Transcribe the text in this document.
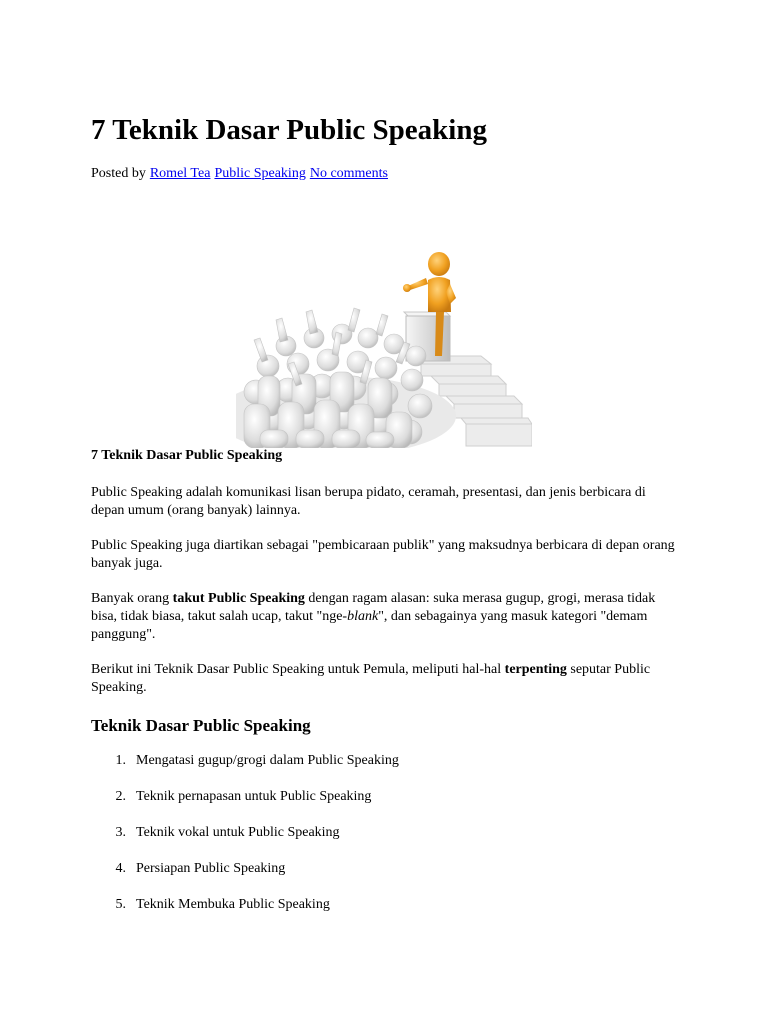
7 Teknik Dasar Public Speaking
Posted by Romel Tea Public Speaking No comments
7 Teknik Dasar Public Speaking
Public Speaking adalah komunikasi lisan berupa pidato, ceramah, presentasi, dan jenis berbicara di depan umum (orang banyak) lainnya.
Public Speaking juga diartikan sebagai "pembicaraan publik" yang maksudnya berbicara di depan orang banyak juga.
Banyak orang takut Public Speaking dengan ragam alasan: suka merasa gugup, grogi, merasa tidak bisa, tidak biasa, takut salah ucap, takut "nge-blank", dan sebagainya yang masuk kategori "demam panggung".
Berikut ini Teknik Dasar Public Speaking untuk Pemula, meliputi hal-hal terpenting seputar Public Speaking.
Teknik Dasar Public Speaking
1. Mengatasi gugup/grogi dalam Public Speaking
2. Teknik pernapasan untuk Public Speaking
3. Teknik vokal untuk Public Speaking
4. Persiapan Public Speaking
5. Teknik Membuka Public Speaking
